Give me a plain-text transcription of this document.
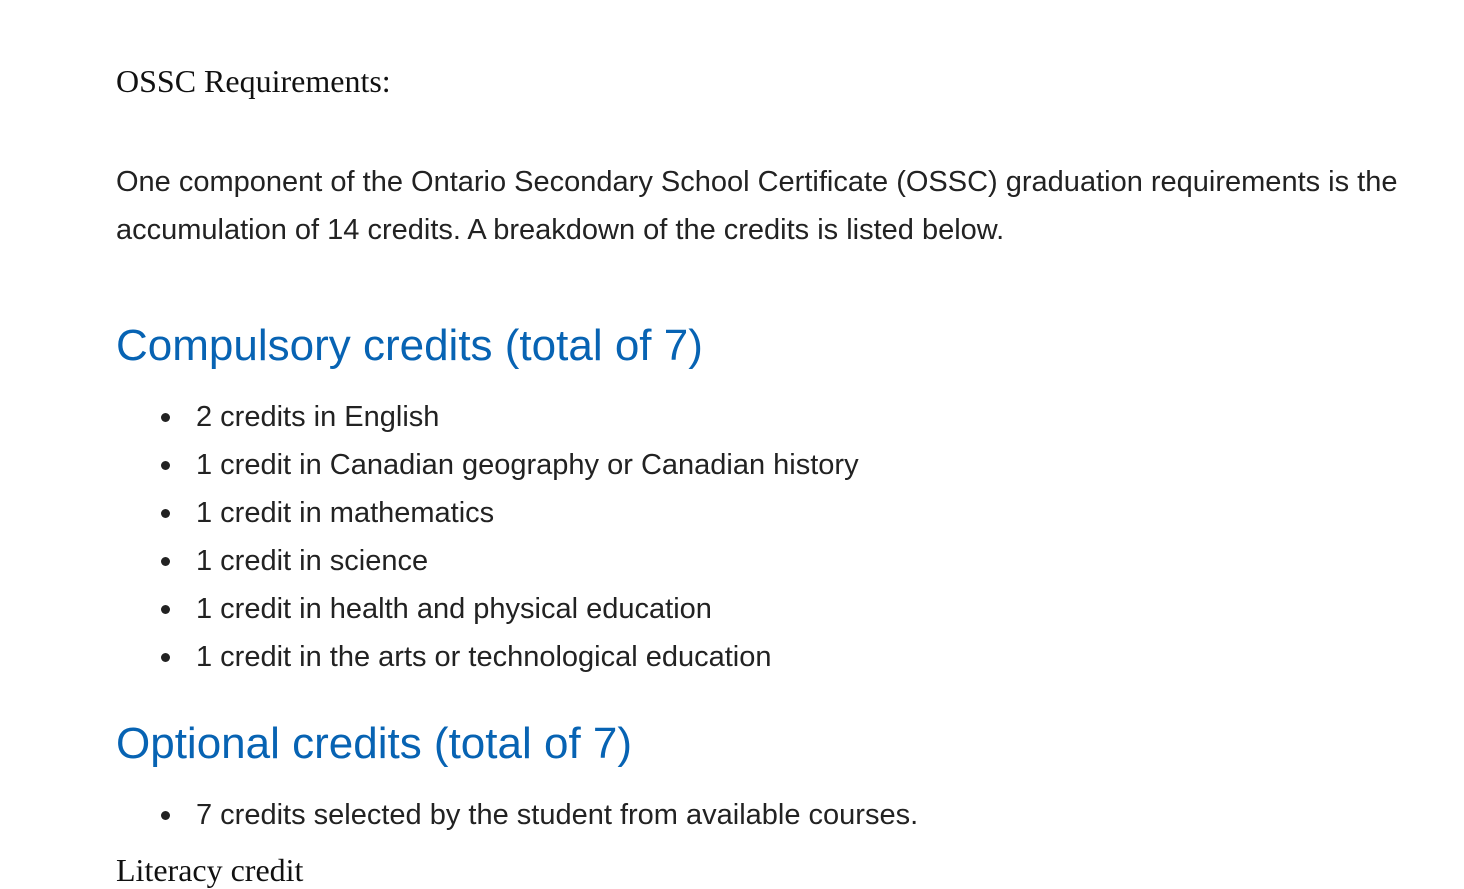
OSSC Requirements:

One component of the Ontario Secondary School Certificate (OSSC) graduation requirements is the accumulation of 14 credits. A breakdown of the credits is listed below.

Compulsory credits (total of 7)
2 credits in English
1 credit in Canadian geography or Canadian history
1 credit in mathematics
1 credit in science
1 credit in health and physical education
1 credit in the arts or technological education
Optional credits (total of 7)
7 credits selected by the student from available courses.

Literacy credit
